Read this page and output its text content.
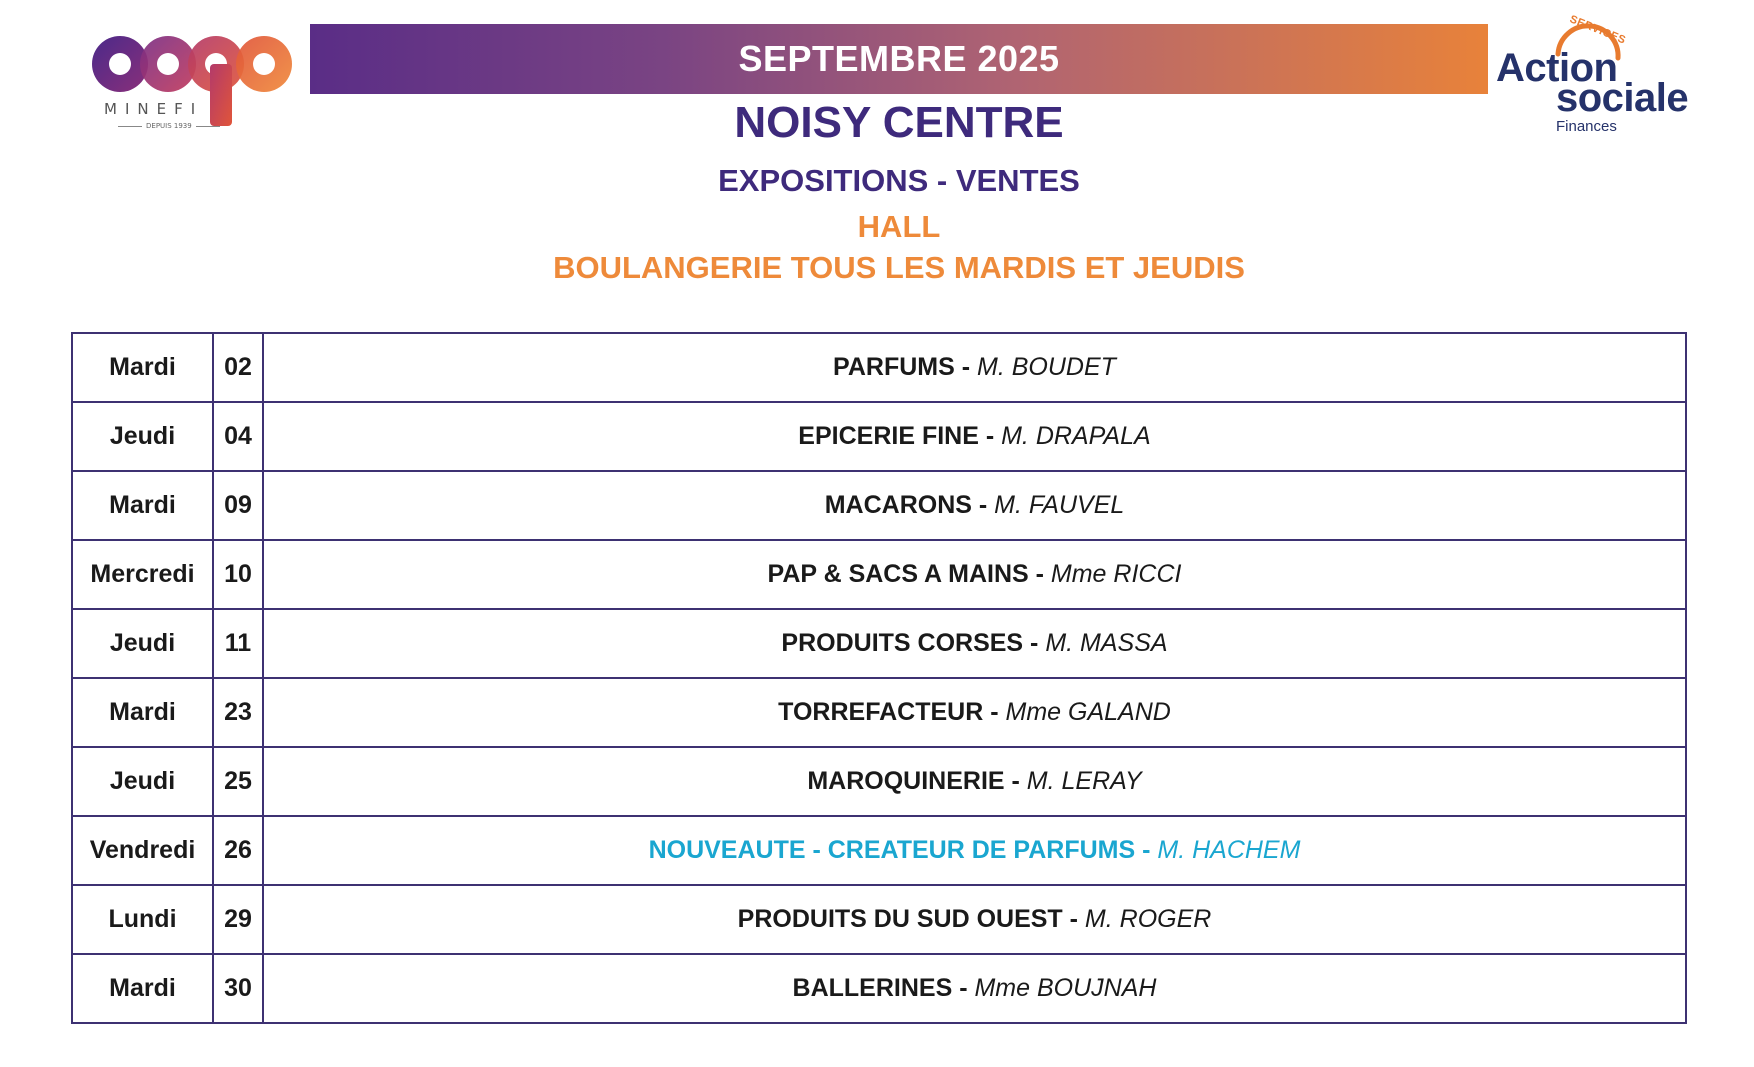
MINEFI
DEPUIS 1939
SEPTEMBRE 2025
SERVICES
Action
sociale
Finances
NOISY CENTRE
EXPOSITIONS - VENTES
HALL
BOULANGERIE TOUS LES MARDIS ET JEUDIS
Mardi	02	PARFUMS - M. BOUDET
Jeudi	04	EPICERIE FINE - M. DRAPALA
Mardi	09	MACARONS - M. FAUVEL
Mercredi	10	PAP & SACS A MAINS - Mme RICCI
Jeudi	11	PRODUITS CORSES - M. MASSA
Mardi	23	TORREFACTEUR - Mme GALAND
Jeudi	25	MAROQUINERIE - M. LERAY
Vendredi	26	NOUVEAUTE - CREATEUR DE PARFUMS - M. HACHEM
Lundi	29	PRODUITS DU SUD OUEST - M. ROGER
Mardi	30	BALLERINES - Mme BOUJNAH
